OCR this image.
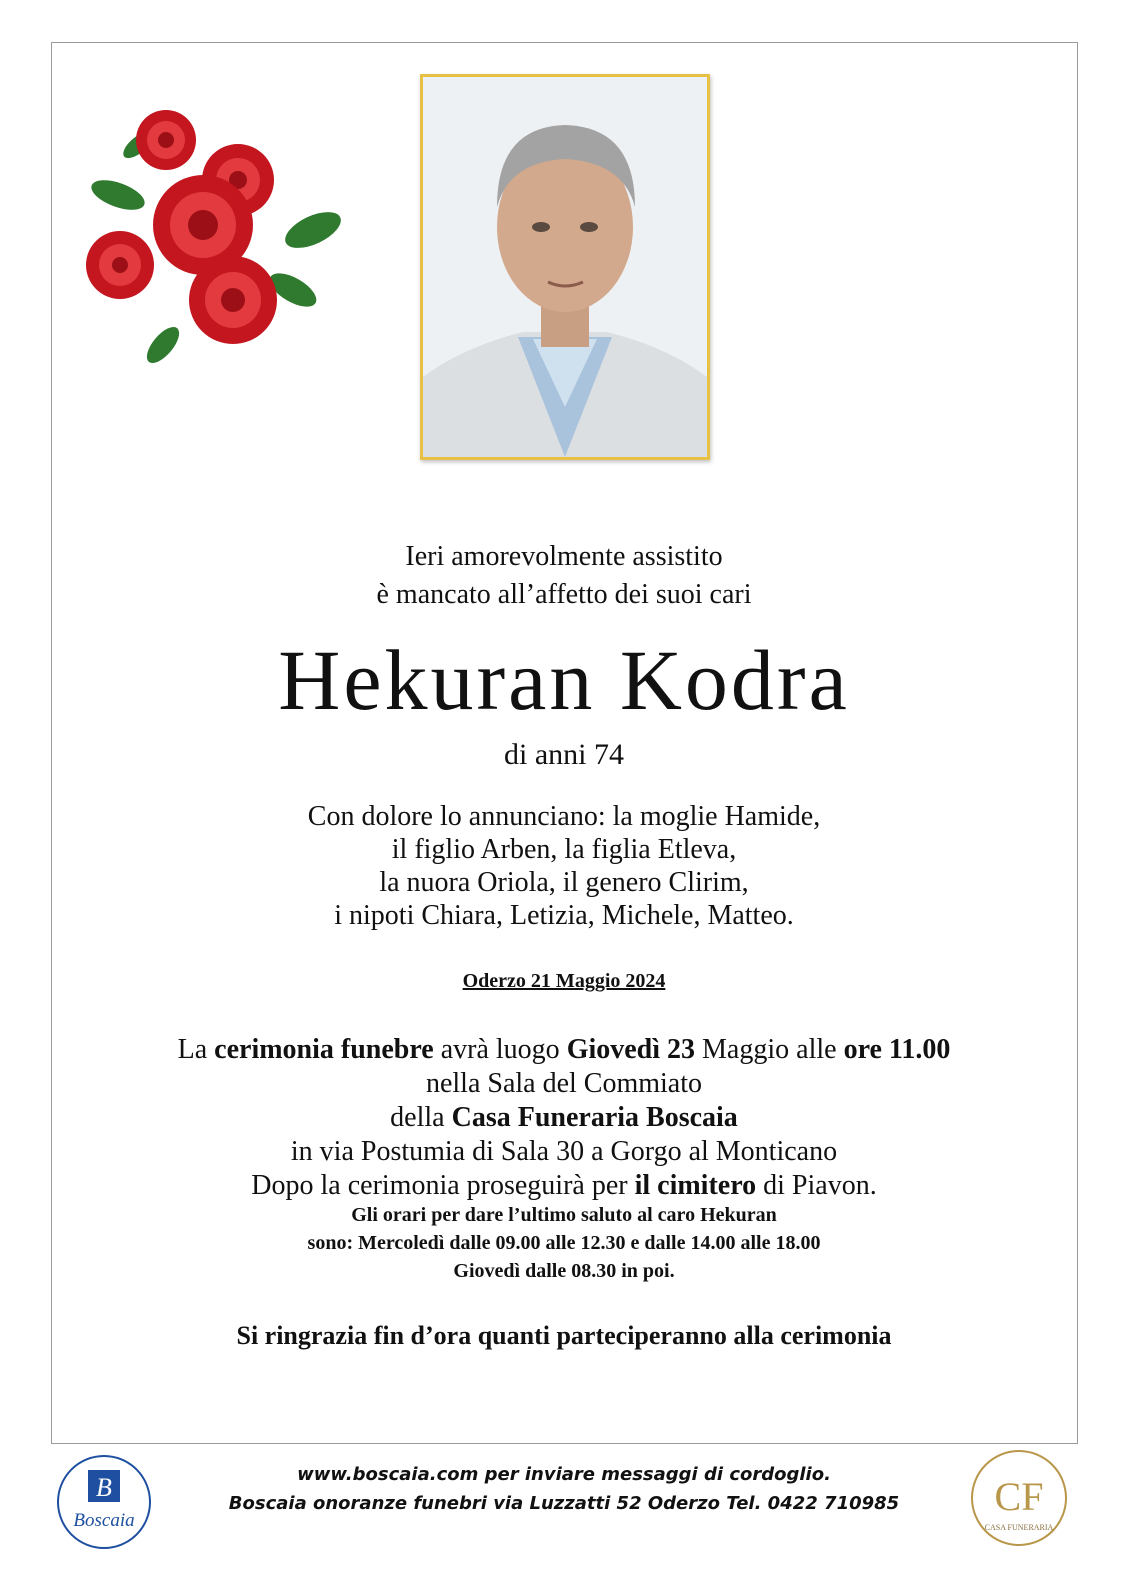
Ieri amorevolmente assistito
è mancato all’affetto dei suoi cari
Hekuran Kodra
di anni 74
Con dolore lo annunciano: la moglie Hamide,
il figlio Arben, la figlia Etleva,
la nuora Oriola, il genero Clirim,
i nipoti Chiara, Letizia, Michele, Matteo.
Oderzo 21 Maggio 2024
La cerimonia funebre avrà luogo Giovedì 23 Maggio alle ore 11.00
nella Sala del Commiato
della Casa Funeraria Boscaia
in via Postumia di Sala 30 a Gorgo al Monticano
Dopo la cerimonia proseguirà per il cimitero di Piavon.
Gli orari per dare l’ultimo saluto al caro Hekuran
sono: Mercoledì dalle 09.00 alle 12.30 e dalle 14.00 alle 18.00
Giovedì dalle 08.30 in poi.
Si ringrazia fin d’ora quanti parteciperanno alla cerimonia
B
Boscaia
www.boscaia.com per inviare messaggi di cordoglio.
Boscaia onoranze funebri via Luzzatti 52 Oderzo Tel. 0422 710985	CF
CASA FUNERARIA
